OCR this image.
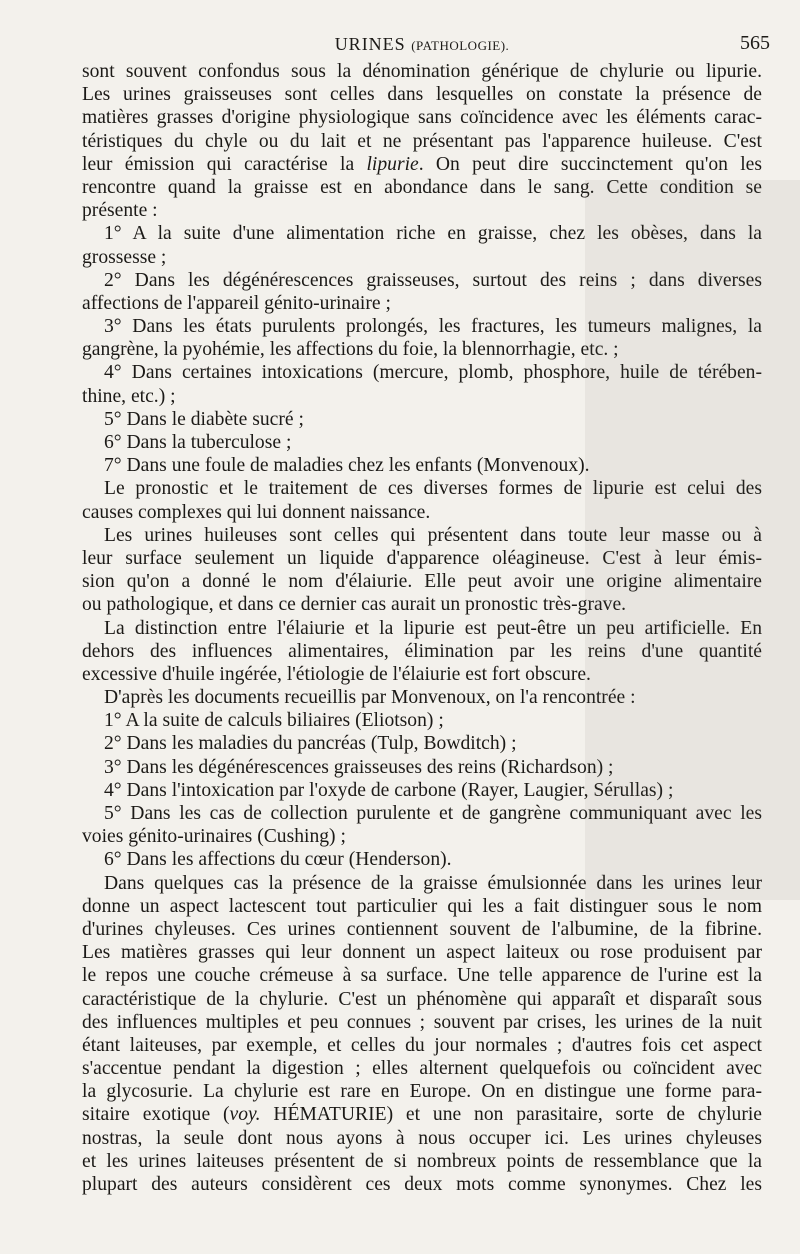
URINES (PATHOLOGIE).	565
sont souvent confondus sous la dénomination générique de chylurie ou lipurie.
Les urines graisseuses sont celles dans lesquelles on constate la présence de
matières grasses d'origine physiologique sans coïncidence avec les éléments carac-
téristiques du chyle ou du lait et ne présentant pas l'apparence huileuse. C'est
leur émission qui caractérise la lipurie. On peut dire succinctement qu'on les
rencontre quand la graisse est en abondance dans le sang. Cette condition se
présente :
1° A la suite d'une alimentation riche en graisse, chez les obèses, dans la
grossesse ;
2° Dans les dégénérescences graisseuses, surtout des reins ; dans diverses
affections de l'appareil génito-urinaire ;
3° Dans les états purulents prolongés, les fractures, les tumeurs malignes, la
gangrène, la pyohémie, les affections du foie, la blennorrhagie, etc. ;
4° Dans certaines intoxications (mercure, plomb, phosphore, huile de térében-
thine, etc.) ;
5° Dans le diabète sucré ;
6° Dans la tuberculose ;
7° Dans une foule de maladies chez les enfants (Monvenoux).
Le pronostic et le traitement de ces diverses formes de lipurie est celui des
causes complexes qui lui donnent naissance.
Les urines huileuses sont celles qui présentent dans toute leur masse ou à
leur surface seulement un liquide d'apparence oléagineuse. C'est à leur émis-
sion qu'on a donné le nom d'élaiurie. Elle peut avoir une origine alimentaire
ou pathologique, et dans ce dernier cas aurait un pronostic très-grave.
La distinction entre l'élaiurie et la lipurie est peut-être un peu artificielle. En
dehors des influences alimentaires, élimination par les reins d'une quantité
excessive d'huile ingérée, l'étiologie de l'élaiurie est fort obscure.
D'après les documents recueillis par Monvenoux, on l'a rencontrée :
1° A la suite de calculs biliaires (Eliotson) ;
2° Dans les maladies du pancréas (Tulp, Bowditch) ;
3° Dans les dégénérescences graisseuses des reins (Richardson) ;
4° Dans l'intoxication par l'oxyde de carbone (Rayer, Laugier, Sérullas) ;
5° Dans les cas de collection purulente et de gangrène communiquant avec les
voies génito-urinaires (Cushing) ;
6° Dans les affections du cœur (Henderson).
Dans quelques cas la présence de la graisse émulsionnée dans les urines leur
donne un aspect lactescent tout particulier qui les a fait distinguer sous le nom
d'urines chyleuses. Ces urines contiennent souvent de l'albumine, de la fibrine.
Les matières grasses qui leur donnent un aspect laiteux ou rose produisent par
le repos une couche crémeuse à sa surface. Une telle apparence de l'urine est la
caractéristique de la chylurie. C'est un phénomène qui apparaît et disparaît sous
des influences multiples et peu connues ; souvent par crises, les urines de la nuit
étant laiteuses, par exemple, et celles du jour normales ; d'autres fois cet aspect
s'accentue pendant la digestion ; elles alternent quelquefois ou coïncident avec
la glycosurie. La chylurie est rare en Europe. On en distingue une forme para-
sitaire exotique (voy. HÉMATURIE) et une non parasitaire, sorte de chylurie
nostras, la seule dont nous ayons à nous occuper ici. Les urines chyleuses
et les urines laiteuses présentent de si nombreux points de ressemblance que la
plupart des auteurs considèrent ces deux mots comme synonymes. Chez les
